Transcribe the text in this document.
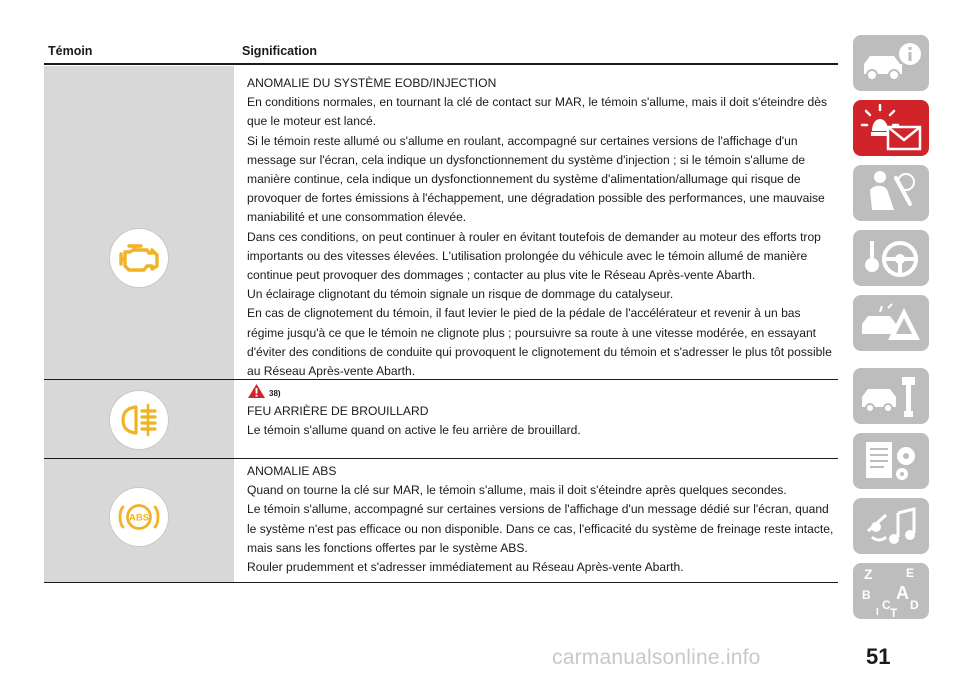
Témoin	Signification

ANOMALIE DU SYSTÈME EOBD/INJECTION

En conditions normales, en tournant la clé de contact sur MAR, le témoin s'allume, mais il doit s'éteindre dès que le moteur est lancé.

Si le témoin reste allumé ou s'allume en roulant, accompagné sur certaines versions de l'affichage d'un message sur l'écran, cela indique un dysfonctionnement du système d'injection ; si le témoin s'allume de manière continue, cela indique un dysfonctionnement du système d'alimentation/allumage qui risque de provoquer de fortes émissions à l'échappement, une dégradation possible des performances, une mauvaise maniabilité et une consommation élevée.

Dans ces conditions, on peut continuer à rouler en évitant toutefois de demander au moteur des efforts trop importants ou des vitesses élevées. L'utilisation prolongée du véhicule avec le témoin allumé de manière continue peut provoquer des dommages ; contacter au plus vite le Réseau Après-vente Abarth.

Un éclairage clignotant du témoin signale un risque de dommage du catalyseur.

En cas de clignotement du témoin, il faut levier le pied de la pédale de l'accélérateur et revenir à un bas régime jusqu'à ce que le témoin ne clignote plus ; poursuivre sa route à une vitesse modérée, en essayant d'éviter des conditions de conduite qui provoquent le clignotement du témoin et s'adresser le plus tôt possible au Réseau Après-vente Abarth.

38)

FEU ARRIÈRE DE BROUILLARD

Le témoin s'allume quand on active le feu arrière de brouillard.

ABS

ANOMALIE ABS

Quand on tourne la clé sur MAR, le témoin s'allume, mais il doit s'éteindre après quelques secondes.

Le témoin s'allume, accompagné sur certaines versions de l'affichage d'un message dédié sur l'écran, quand le système n'est pas efficace ou non disponible. Dans ce cas, l'efficacité du système de freinage reste intacte, mais sans les fonctions offertes par le système ABS.

Rouler prudemment et s'adresser immédiatement au Réseau Après-vente Abarth.	Z	E
B A
C D
T
I
carmanualsonline.info	51
